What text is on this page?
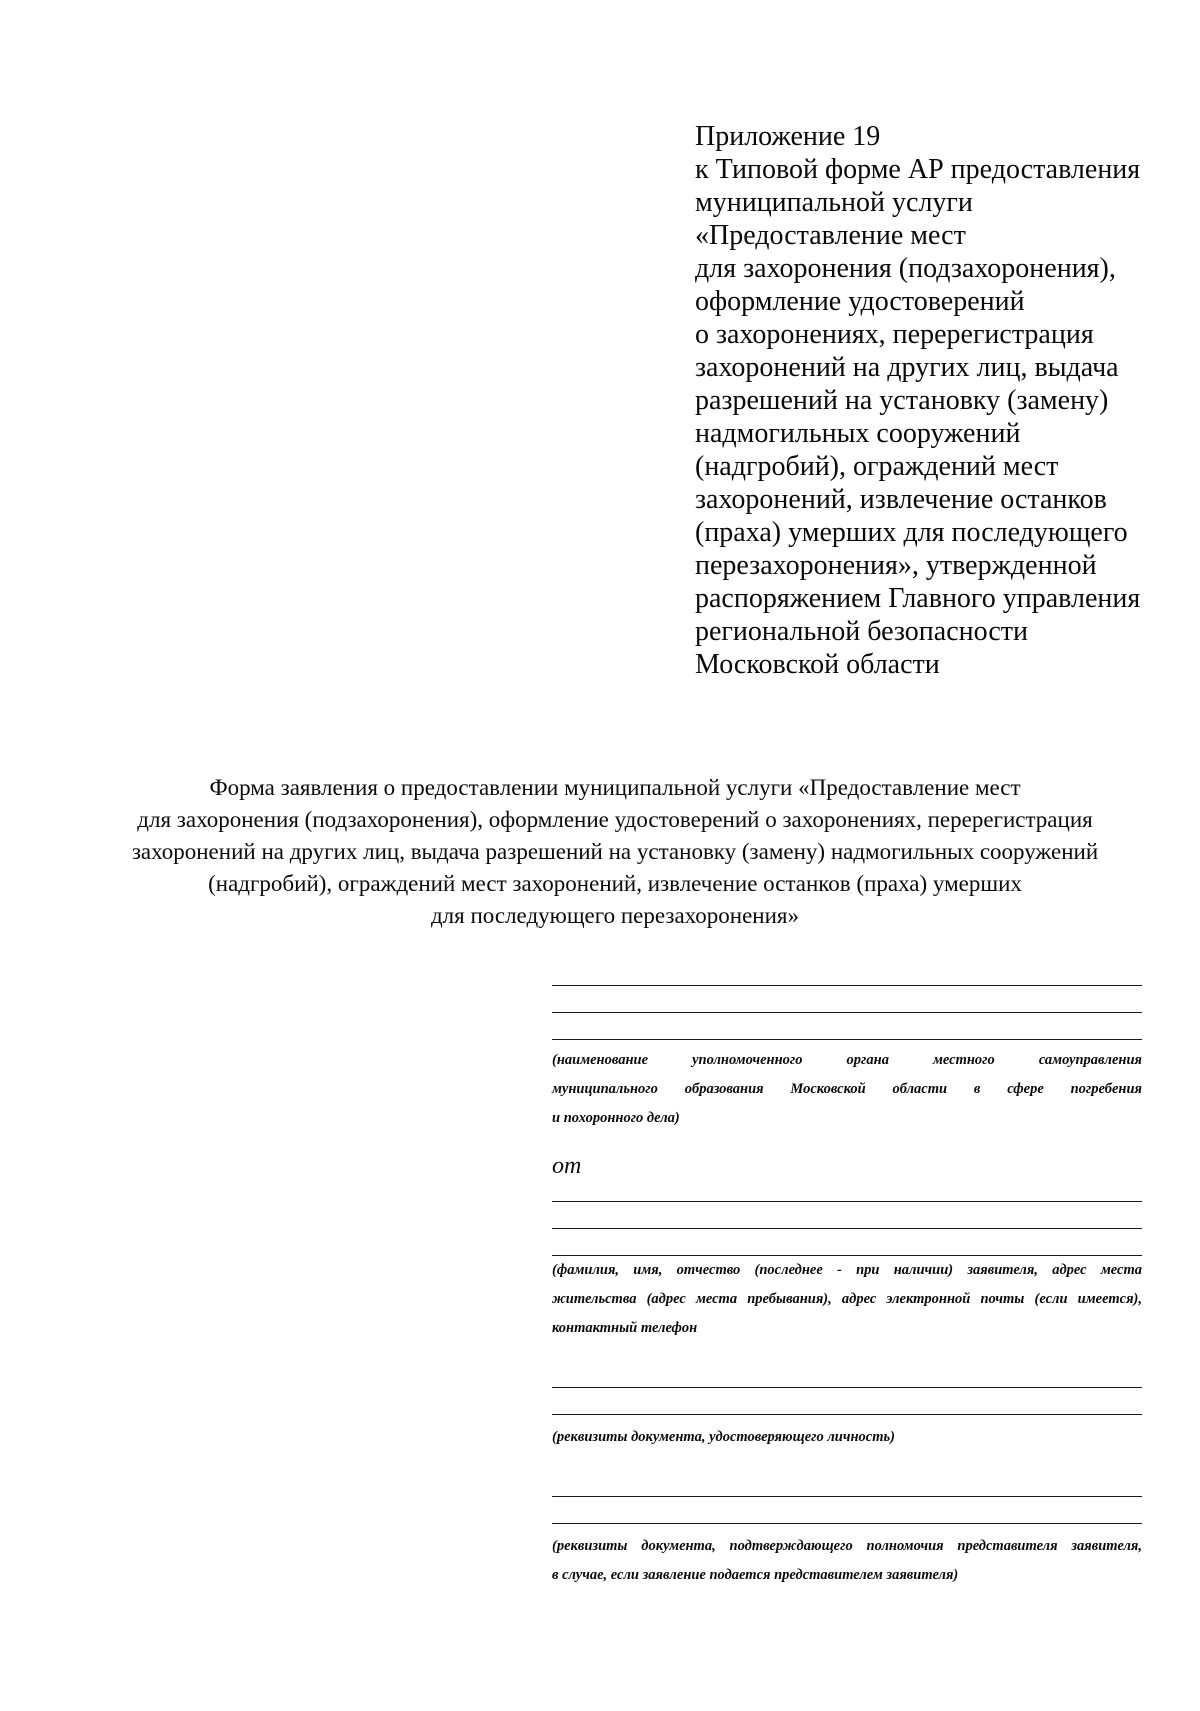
Приложение 19
к Типовой форме АР предоставления
муниципальной услуги
«Предоставление мест
для захоронения (подзахоронения),
оформление удостоверений
о захоронениях, перерегистрация
захоронений на других лиц, выдача
разрешений на установку (замену)
надмогильных сооружений
(надгробий), ограждений мест
захоронений, извлечение останков
(праха) умерших для последующего
перезахоронения», утвержденной
распоряжением Главного управления
региональной безопасности
Московской области
Форма заявления о предоставлении муниципальной услуги «Предоставление мест
для захоронения (подзахоронения), оформление удостоверений о захоронениях, перерегистрация
захоронений на других лиц, выдача разрешений на установку (замену) надмогильных сооружений
(надгробий), ограждений мест захоронений, извлечение останков (праха) умерших
для последующего перезахоронения»
(наименование уполномоченного органа местного самоуправления
муниципального образования Московской области в сфере погребения
и похоронного дела)
от
(фамилия, имя, отчество (последнее - при наличии) заявителя, адрес места
жительства (адрес места пребывания), адрес электронной почты (если имеется),
контактный телефон
(реквизиты документа, удостоверяющего личность)
(реквизиты документа, подтверждающего полномочия представителя заявителя,
в случае, если заявление подается представителем заявителя)
